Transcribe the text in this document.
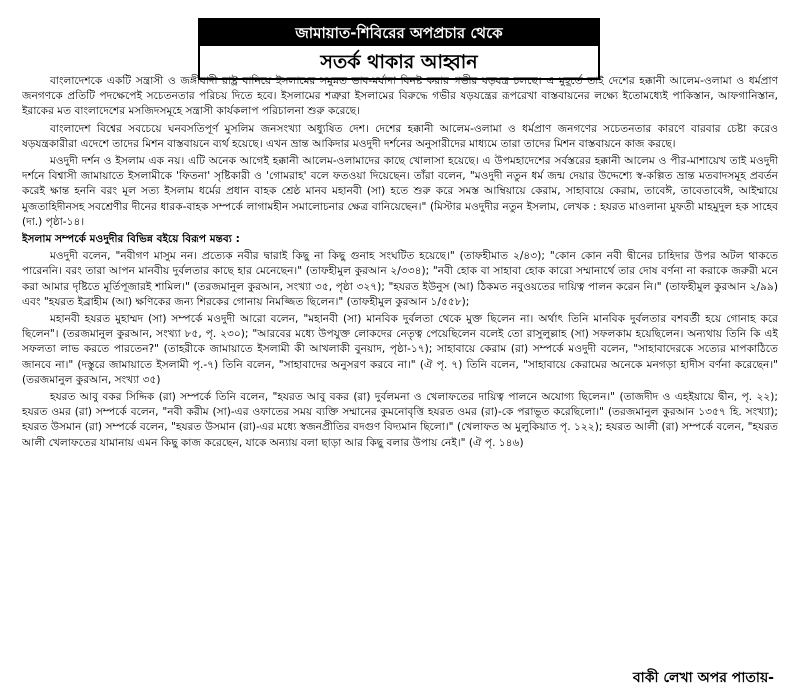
জামায়াত-শিবিরের অপপ্রচার থেকে
সতর্ক থাকার আহ্বান

বাংলাদেশকে একটি সন্ত্রাসী ও জঙ্গীবাদী রাষ্ট্র বানিয়ে ইসলামের সমুন্নত ভাব-মর্যাদা বিনষ্ট করার গভীর ষড়যন্ত্র চলছে। এ মুহূর্তে তাই দেশের হক্কানী আলেম-ওলামা ও ধর্মপ্রাণ জনগণকে প্রতিটি পদক্ষেপেই সচেতনতার পরিচয় দিতে হবে। ইসলামের শত্রুরা ইসলামের বিরুদ্ধে গভীর ষড়যন্ত্রের রূপরেখা বাস্তবায়নের লক্ষ্যে ইতোমধ্যেই পাকিস্তান, আফগানিস্তান, ইরাকের মত বাংলাদেশের মসজিদসমূহে সন্ত্রাসী কার্যকলাপ পরিচালনা শুরু করেছে।

বাংলাদেশ বিশ্বের সবচেয়ে ঘনবসতিপূর্ণ মুসলিম জনসংখ্যা অধ্যুষিত দেশ। দেশের হক্কানী আলেম-ওলামা ও ধর্মপ্রাণ জনগণের সচেতনতার কারণে বারবার চেষ্টা করেও ষড়যন্ত্রকারীরা এদেশে তাদের মিশন বাস্তবায়নে ব্যর্থ হয়েছে। এখন ভ্রান্ত আকিদার মওদুদী দর্শনের অনুসারীদের মাধ্যমে তারা তাদের মিশন বাস্তবায়নে কাজ করছে।

মওদুদী দর্শন ও ইসলাম এক নয়। এটি অনেক আগেই হক্কানী আলেম-ওলামাদের কাছে খোলাসা হয়েছে। এ উপমহাদেশের সর্বস্তরের হক্কানী আলেম ও পীর-মাশায়েখ তাই মওদুদী দর্শনে বিশ্বাসী জামায়াতে ইসলামীকে 'ফিতনা' সৃষ্টিকারী ও 'গোমরাহ' বলে ফতওয়া দিয়েছেন। তাঁরা বলেন, "মওদুদী নতুন ধর্ম জন্ম দেয়ার উদ্দেশ্যে স্ব-কল্পিত ভ্রান্ত মতবাদসমূহ প্রবর্তন করেই ক্ষান্ত হননি বরং মূল সত্য ইসলাম ধর্মের প্রধান বাহক শ্রেষ্ঠ মানব মহানবী (সা) হতে শুরু করে সমস্ত আম্বিয়ায়ে কেরাম, সাহাবায়ে কেরাম, তাবেঈ, তাবেতাবেঈ, আইম্মায়ে মুজতাহিদীনসহ সবশ্রেণীর দীনের ধারক-বাহক সম্পর্কে লাগামহীন সমালোচনার ক্ষেত্র বানিয়েছেন।" (মিস্টার মওদুদীর নতুন ইসলাম, লেখক : হযরত মাওলানা মুফতী মাহমুদুল হক সাহেব (দা.) পৃষ্ঠা-১৪।

ইসলাম সম্পর্কে মওদুদীর বিভিন্ন বইয়ে বিরূপ মন্তব্য :

মওদুদী বলেন, "নবীগণ মাসুম নন। প্রত্যেক নবীর দ্বারাই কিছু না কিছু গুনাহ সংঘটিত হয়েছে।" (তাফহীমাত ২/৪৩); "কোন কোন নবী দ্বীনের চাহিদার উপর অটল থাকতে পারেননি। বরং তারা আপন মানবীয় দুর্বলতার কাছে হার মেনেছেন।" (তাফহীমুল কুরআন ২/৩৩৪); "নবী হোক বা সাহাবা হোক কারো সম্মানার্থে তার দোষ বর্ণনা না করাকে জরুরী মনে করা আমার দৃষ্টিতে মূর্তিপূজারই শামিল।" (তরজমানুল কুরআন, সংখ্যা ৩৫, পৃষ্ঠা ৩২৭); "হযরত ইউনুস (আ) ঠিকমত নবুওয়তের দায়িত্ব পালন করেন নি।" (তাফহীমুল কুরআন ২/৯৯) এবং "হযরত ইব্রাহীম (আ) ক্ষণিকের জন্য শিরকের গোনায় নিমজ্জিত ছিলেন।" (তাফহীমুল কুরআন ১/৫৫৮);

মহানবী হযরত মুহাম্মদ (সা) সম্পর্কে মওদুদী আরো বলেন, "মহানবী (সা) মানবিক দুর্বলতা থেকে মুক্ত ছিলেন না। অর্থাৎ তিনি মানবিক দুর্বলতার বশবর্তী হয়ে গোনাহ করে ছিলেন"। (তরজমানুল কুরআন, সংখ্যা ৮৫, পৃ. ২৩০); "আরবের মধ্যে উপযুক্ত লোকদের নেতৃত্ব পেয়েছিলেন বলেই তো রাসুলুল্লাহ (সা) সফলকাম হয়েছিলেন। অন্যথায় তিনি কি এই সফলতা লাভ করতে পারতেন?" (তাহরীকে জামায়াতে ইসলামী কী আখলাকী বুনয়াদ, পৃষ্ঠা-১৭); সাহাবায়ে কেরাম (রা) সম্পর্কে মওদুদী বলেন, "সাহাবাদেরকে সত্যের মাপকাঠিতে জানবে না।" (দস্তুরে জামায়াতে ইসলামী পৃ.-৭) তিনি বলেন, "সাহাবাদের অনুসরণ করবে না।" (ঐ পৃ. ৭) তিনি বলেন, "সাহাবায়ে কেরামের অনেকে মনগড়া হাদীস বর্ণনা করেছেন।" (তরজমানুল কুরআন, সংখ্যা ৩৫)

হযরত আবু বকর সিদ্দিক (রা) সম্পর্কে তিনি বলেন, "হযরত আবু বকর (রা) দুর্বলমনা ও খেলাফতের দায়িত্ব পালনে অযোগ্য ছিলেন।" (তাজদীদ ও এহইয়ায়ে দ্বীন, পৃ. ২২); হযরত ওমর (রা) সম্পর্কে বলেন, "নবী করীম (সা)-এর ওফাতের সময় ব্যক্তি সম্মানের কুমনোবৃত্তি হযরত ওমর (রা)-কে পরাভূত করেছিলো।" (তরজমানুল কুরআন ১৩৫৭ হি. সংখ্যা); হযরত উসমান (রা) সম্পর্কে বলেন, "হযরত উসমান (রা)-এর মধ্যে স্বজনপ্রীতির বদগুণ বিদ্যমান ছিলো।" (খেলাফত অ মুলুকিয়াত পৃ. ১২২); হযরত আলী (রা) সম্পর্কে বলেন, "হযরত আলী খেলাফতের যামানায় এমন কিছু কাজ করেছেন, যাকে অন্যায় বলা ছাড়া আর কিছু বলার উপায় নেই।" (ঐ পৃ. ১৪৬)

বাকী লেখা অপর পাতায়-
